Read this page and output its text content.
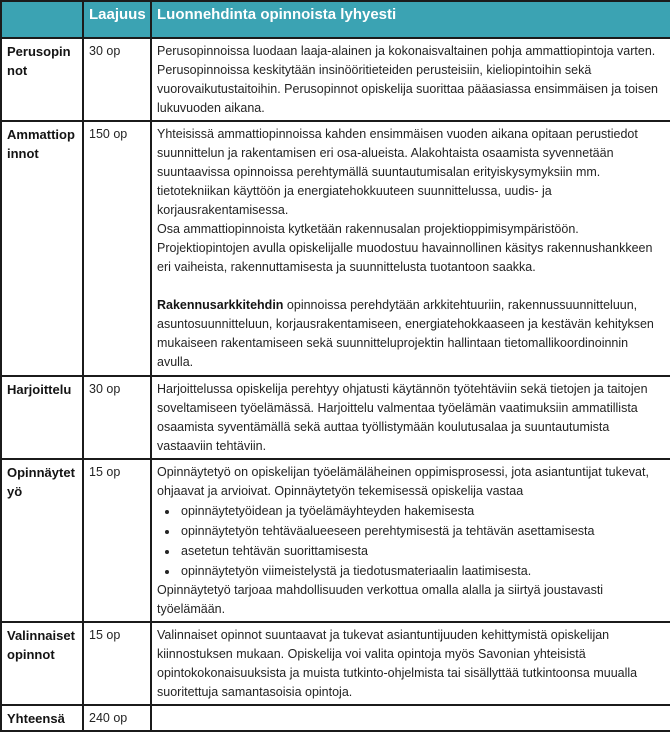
	Laajuus	Luonnehdinta opinnoista lyhyesti
Perusopinnot	30 op	Perusopinnoissa luodaan laaja-alainen ja kokonaisvaltainen pohja ammattiopintoja varten. Perusopinnoissa keskitytään insinööritieteiden perusteisiin, kieliopintoihin sekä vuorovaikutustaitoihin. Perusopinnot opiskelija suorittaa pääasiassa ensimmäisen ja toisen lukuvuoden aikana.

Ammattiopinnot	150 op	Yhteisissä ammattiopinnoissa kahden ensimmäisen vuoden aikana opitaan perustiedot suunnittelun ja rakentamisen eri osa-alueista. Alakohtaista osaamista syvennetään suuntaavissa opinnoissa perehtymällä suuntautumisalan erityiskysymyksiin mm. tietotekniikan käyttöön ja energiatehokkuuteen suunnittelussa, uudis- ja korjausrakentamisessa.

Osa ammattiopinnoista kytketään rakennusalan projektioppimisympäristöön. Projektiopintojen avulla opiskelijalle muodostuu havainnollinen käsitys rakennushankkeen eri vaiheista, rakennuttamisesta ja suunnittelusta tuotantoon saakka.

Rakennusarkkitehdin opinnoissa perehdytään arkkitehtuuriin, rakennussuunnitteluun, asuntosuunnitteluun, korjausrakentamiseen, energiatehokkaaseen ja kestävän kehityksen mukaiseen rakentamiseen sekä suunnitteluprojektin hallintaan tietomallikoordinoinnin avulla.

Harjoittelu	30 op	Harjoittelussa opiskelija perehtyy ohjatusti käytännön työtehtäviin sekä tietojen ja taitojen soveltamiseen työelämässä. Harjoittelu valmentaa työelämän vaatimuksiin ammatillista osaamista syventämällä sekä auttaa työllistymään koulutusalaa ja suuntautumista vastaaviin tehtäviin.

Opinnäytetyö	15 op	Opinnäytetyö on opiskelijan työelämäläheinen oppimisprosessi, jota asiantuntijat tukevat, ohjaavat ja arvioivat. Opinnäytetyön tekemisessä opiskelija vastaa

• opinnäytetyöidean ja työelämäyhteyden hakemisesta
• opinnäytetyön tehtäväalueeseen perehtymisestä ja tehtävän asettamisesta
• asetetun tehtävän suorittamisesta
• opinnäytetyön viimeistelystä ja tiedotusmateriaalin laatimisesta.

Opinnäytetyö tarjoaa mahdollisuuden verkottua omalla alalla ja siirtyä joustavasti työelämään.

Valinnaiset opinnot	15 op	Valinnaiset opinnot suuntaavat ja tukevat asiantuntijuuden kehittymistä opiskelijan kiinnostuksen mukaan. Opiskelija voi valita opintoja myös Savonian yhteisistä opintokokonaisuuksista ja muista tutkinto-ohjelmista tai sisällyttää tutkintoonsa muualla suoritettuja samantasoisia opintoja.

Yhteensä	240 op	
